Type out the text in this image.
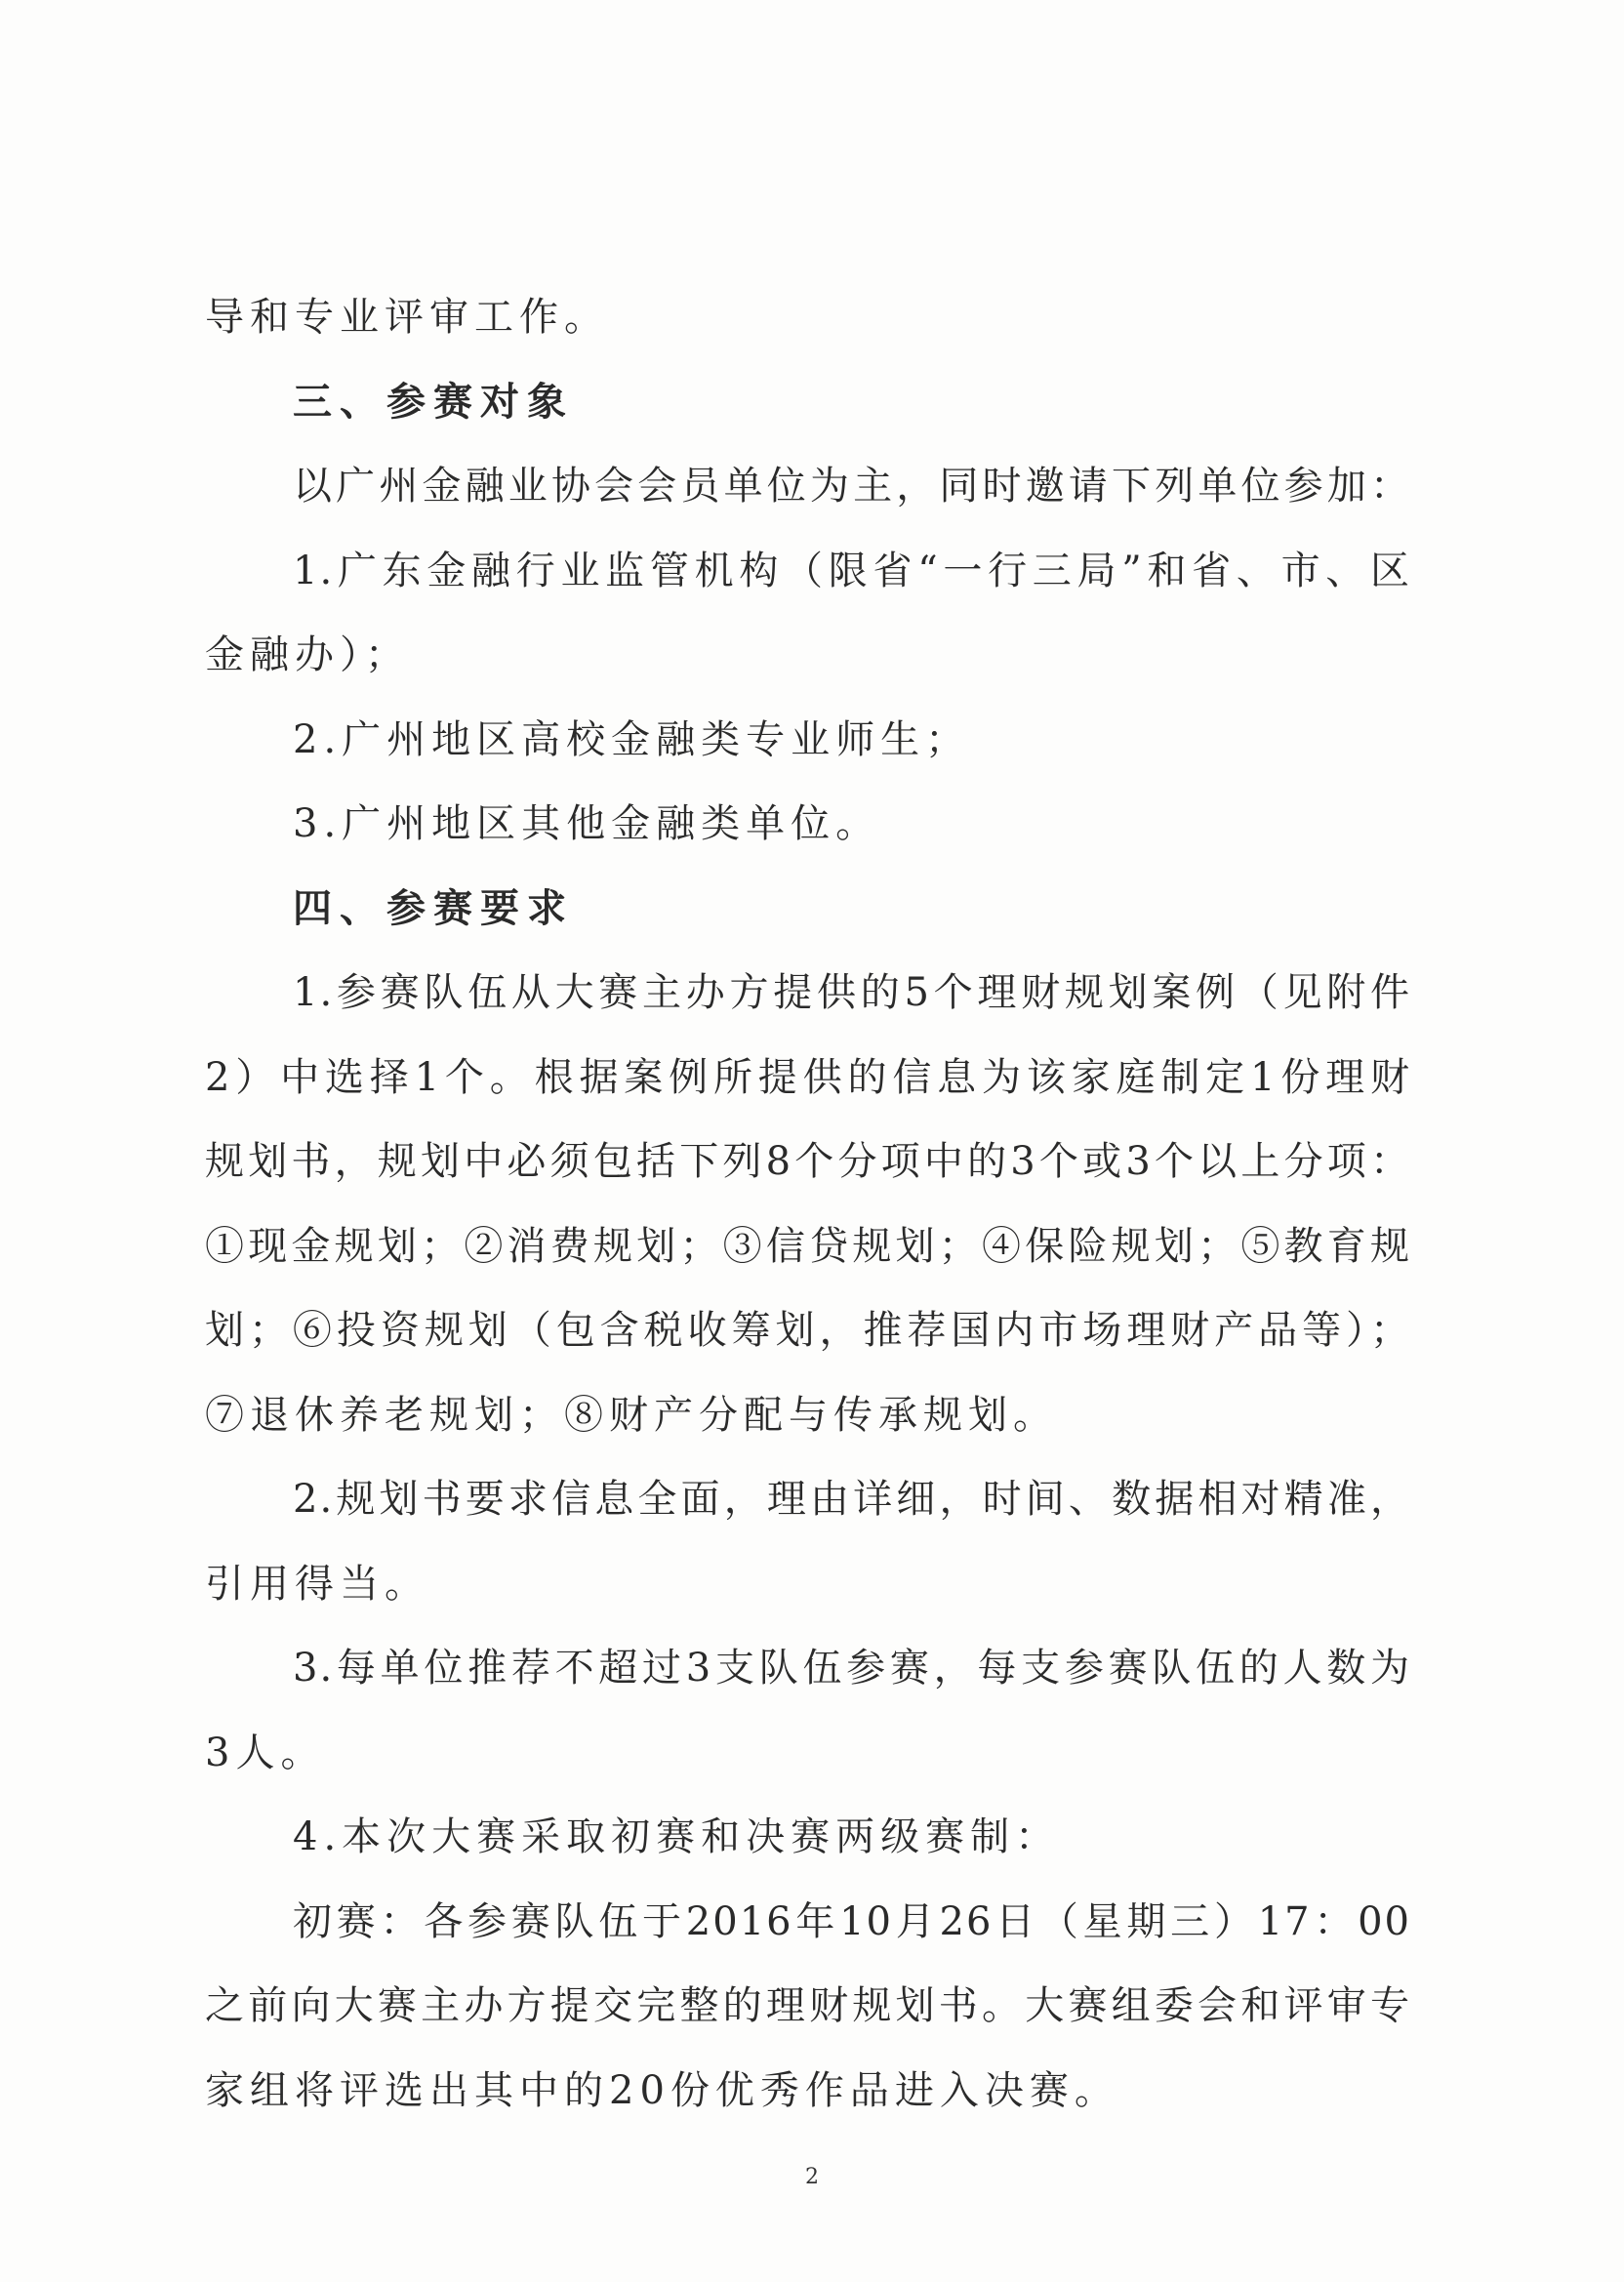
导和专业评审工作。
三、参赛对象
以广州金融业协会会员单位为主，同时邀请下列单位参加：
1.广东金融行业监管机构（限省“一行三局”和省、市、区
金融办）；
2.广州地区高校金融类专业师生；
3.广州地区其他金融类单位。
四、参赛要求
1.参赛队伍从大赛主办方提供的5个理财规划案例（见附件
2）中选择1个。根据案例所提供的信息为该家庭制定1份理财
规划书，规划中必须包括下列8个分项中的3个或3个以上分项：
①现金规划；②消费规划；③信贷规划；④保险规划；⑤教育规
划；⑥投资规划（包含税收筹划，推荐国内市场理财产品等）；
⑦退休养老规划；⑧财产分配与传承规划。
2.规划书要求信息全面，理由详细，时间、数据相对精准，
引用得当。
3.每单位推荐不超过3支队伍参赛，每支参赛队伍的人数为
3人。
4.本次大赛采取初赛和决赛两级赛制：
初赛：各参赛队伍于2016年10月26日（星期三）17：00
之前向大赛主办方提交完整的理财规划书。大赛组委会和评审专
家组将评选出其中的20份优秀作品进入决赛。
2
